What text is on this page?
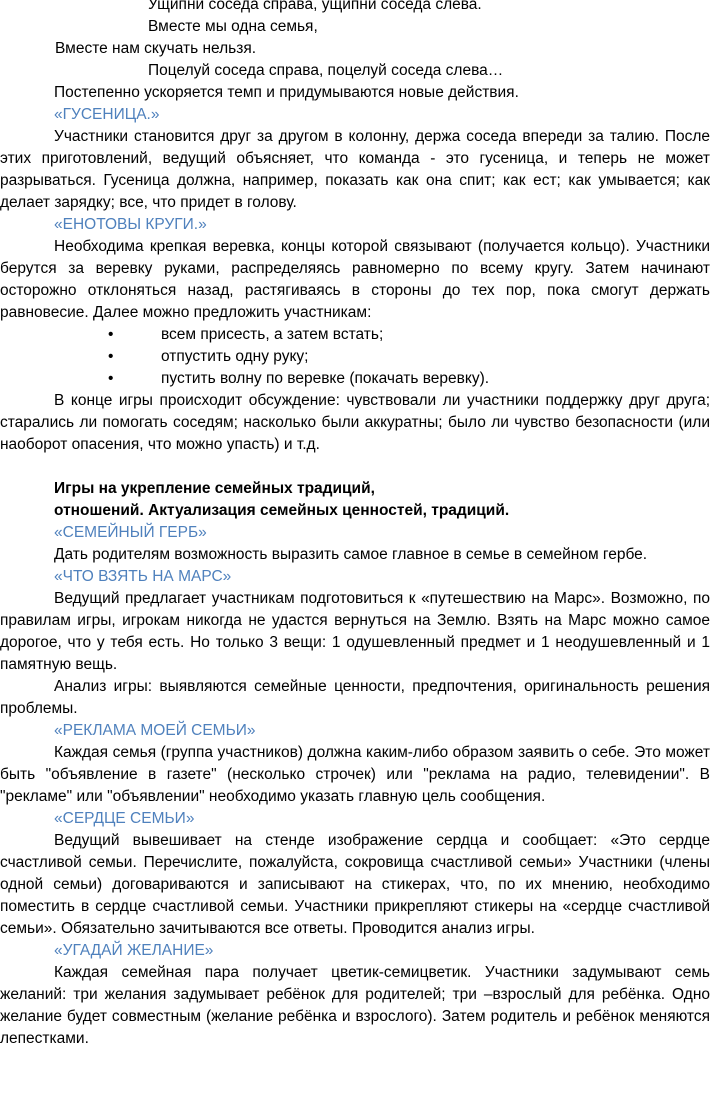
Ущипни соседа справа, ущипни соседа слева.
Вместе мы одна семья,
Вместе нам скучать нельзя.
Поцелуй соседа справа, поцелуй соседа слева…
Постепенно ускоряется темп и придумываются новые действия.
«ГУСЕНИЦА.»

Участники становится друг за другом в колонну, держа соседа впереди за талию. После этих приготовлений, ведущий объясняет, что команда - это гусеница, и теперь не может разрываться. Гусеница должна, например, показать как она спит; как ест; как умывается; как делает зарядку; все, что придет в голову.

«ЕНОТОВЫ КРУГИ.»

Необходима крепкая веревка, концы которой связывают (получается кольцо). Участники берутся за веревку руками, распределяясь равномерно по всему кругу. Затем начинают осторожно отклоняться назад, растягиваясь в стороны до тех пор, пока смогут держать равновесие. Далее можно предложить участникам:

•	всем присесть, а затем встать;
•	отпустить одну руку;
•	пустить волну по веревке (покачать веревку).

В конце игры происходит обсуждение: чувствовали ли участники поддержку друг друга; старались ли помогать соседям; насколько были аккуратны; было ли чувство безопасности (или наоборот опасения, что можно упасть) и т.д.

Игры на укрепление семейных традиций,
отношений. Актуализация семейных ценностей, традиций.
«СЕМЕЙНЫЙ ГЕРБ»
Дать родителям возможность выразить самое главное в семье в семейном гербе.
«ЧТО ВЗЯТЬ НА МАРС»

Ведущий предлагает участникам подготовиться к «путешествию на Марс». Возможно, по правилам игры, игрокам никогда не удастся вернуться на Землю. Взять на Марс можно самое дорогое, что у тебя есть. Но только 3 вещи: 1 одушевленный предмет и 1 неодушевленный и 1 памятную вещь.

Анализ игры: выявляются семейные ценности, предпочтения, оригинальность решения проблемы.

«РЕКЛАМА МОЕЙ СЕМЬИ»

Каждая семья (группа участников) должна каким-либо образом заявить о себе. Это может быть "объявление в газете" (несколько строчек) или "реклама на радио, телевидении". В "рекламе" или "объявлении" необходимо указать главную цель сообщения.

«СЕРДЦЕ СЕМЬИ»

Ведущий вывешивает на стенде изображение сердца и сообщает: «Это сердце счастливой семьи. Перечислите, пожалуйста, сокровища счастливой семьи» Участники (члены одной семьи) договариваются и записывают на стикерах, что, по их мнению, необходимо поместить в сердце счастливой семьи. Участники прикрепляют стикеры на «сердце счастливой семьи». Обязательно зачитываются все ответы. Проводится анализ игры.

«УГАДАЙ ЖЕЛАНИЕ»

Каждая семейная пара получает цветик-семицветик. Участники задумывают семь желаний: три желания задумывает ребёнок для родителей; три –взрослый для ребёнка. Одно желание будет совместным (желание ребёнка и взрослого). Затем родитель и ребёнок меняются лепестками.
